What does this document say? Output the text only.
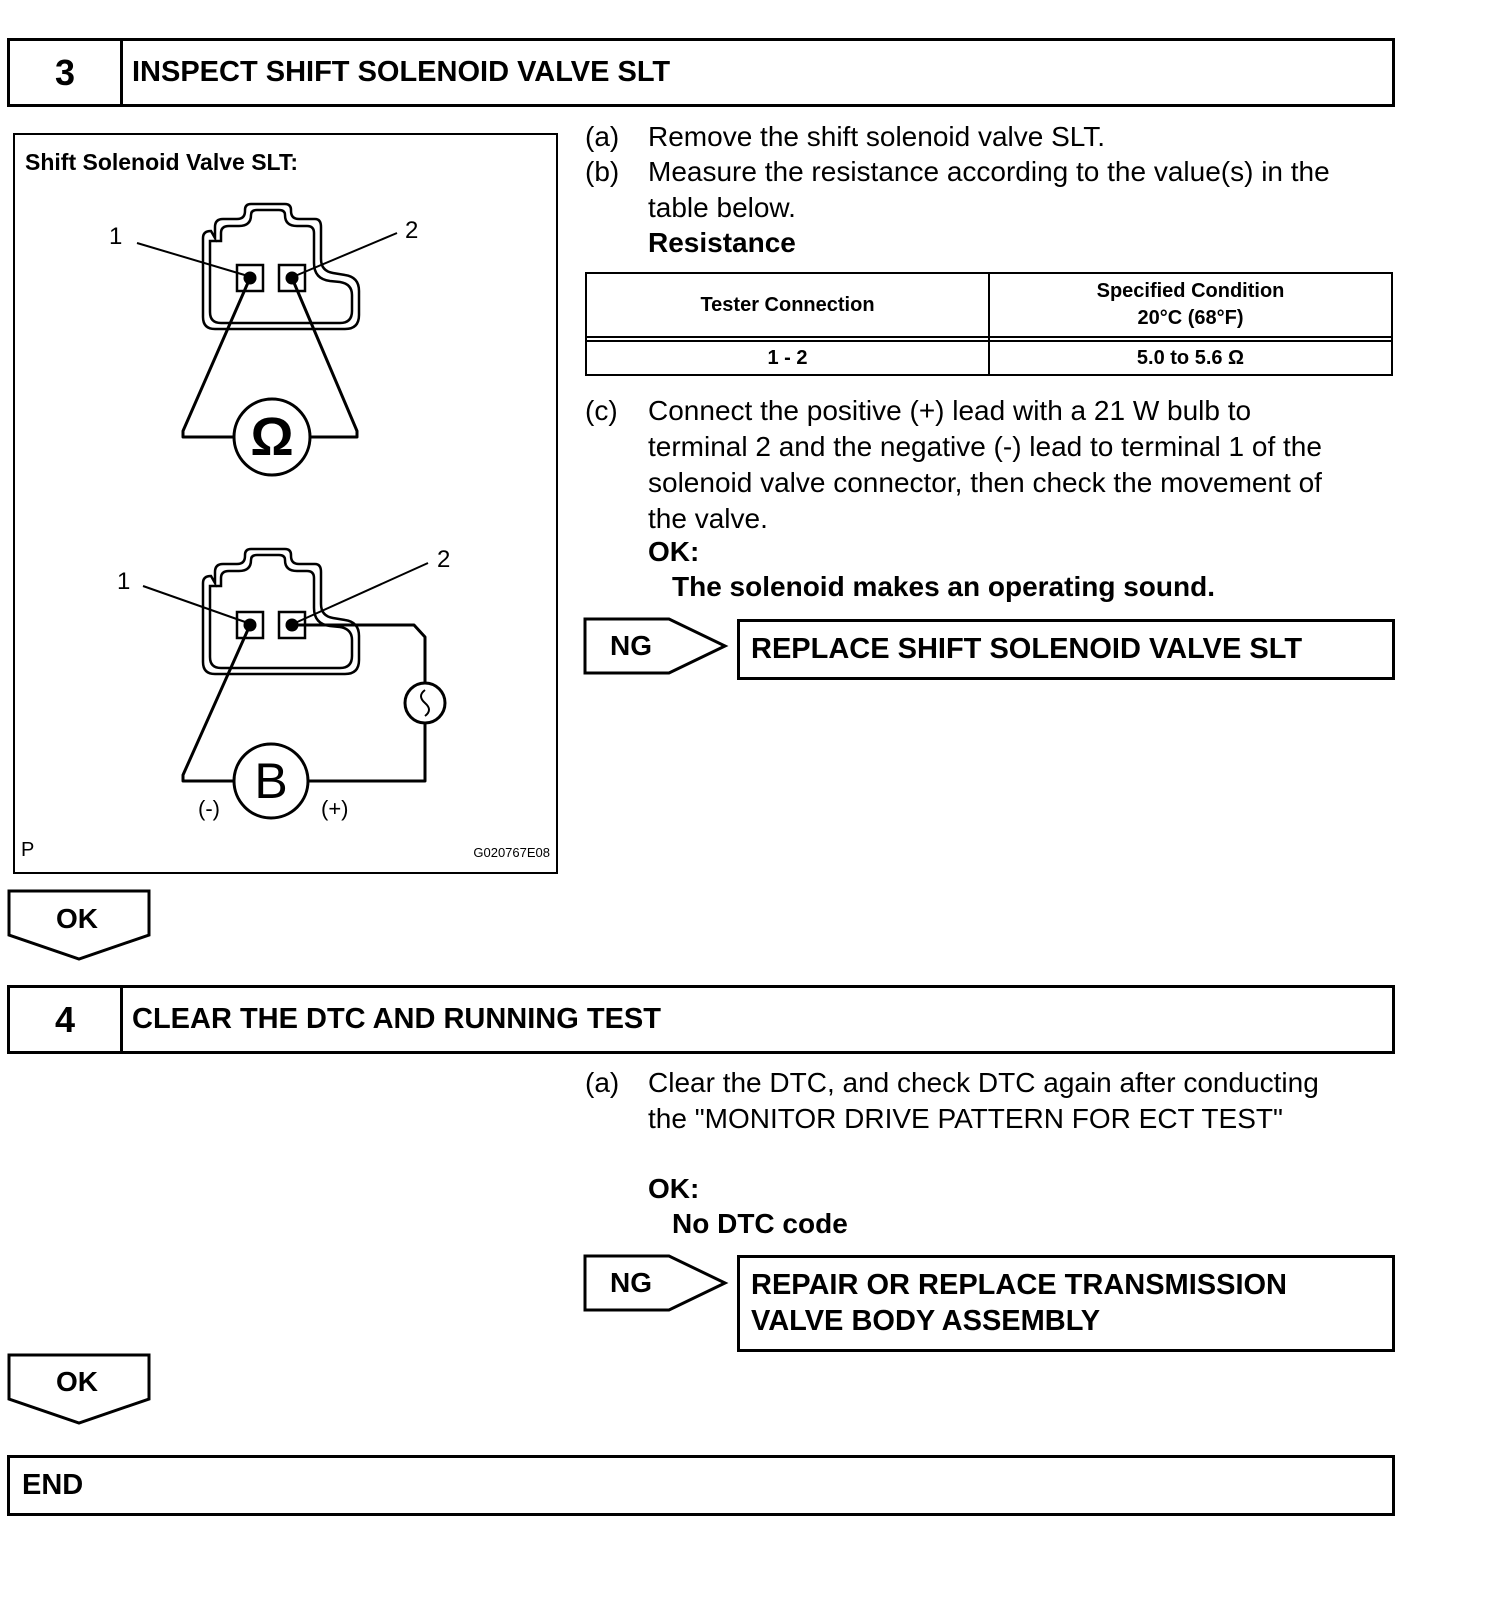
3	INSPECT SHIFT SOLENOID VALVE SLT
Shift Solenoid Valve SLT:
1	2
Ω
1
2
B
(-)	(+)
P	G020767E08
(a) Remove the shift solenoid valve SLT.
(b) Measure the resistance according to the value(s) in the
table below.
Resistance
Tester Connection	Specified Condition
20°C (68°F)

1 - 2	5.0 to 5.6 Ω
(c) Connect the positive (+) lead with a 21 W bulb to
terminal 2 and the negative (-) lead to terminal 1 of the
solenoid valve connector, then check the movement of
the valve.
OK:
The solenoid makes an operating sound.
NG	REPLACE SHIFT SOLENOID VALVE SLT
OK
4	CLEAR THE DTC AND RUNNING TEST
(a) Clear the DTC, and check DTC again after conducting
the "MONITOR DRIVE PATTERN FOR ECT TEST"
OK:
No DTC code
NG	REPAIR OR REPLACE TRANSMISSION
VALVE BODY ASSEMBLY
OK
END
